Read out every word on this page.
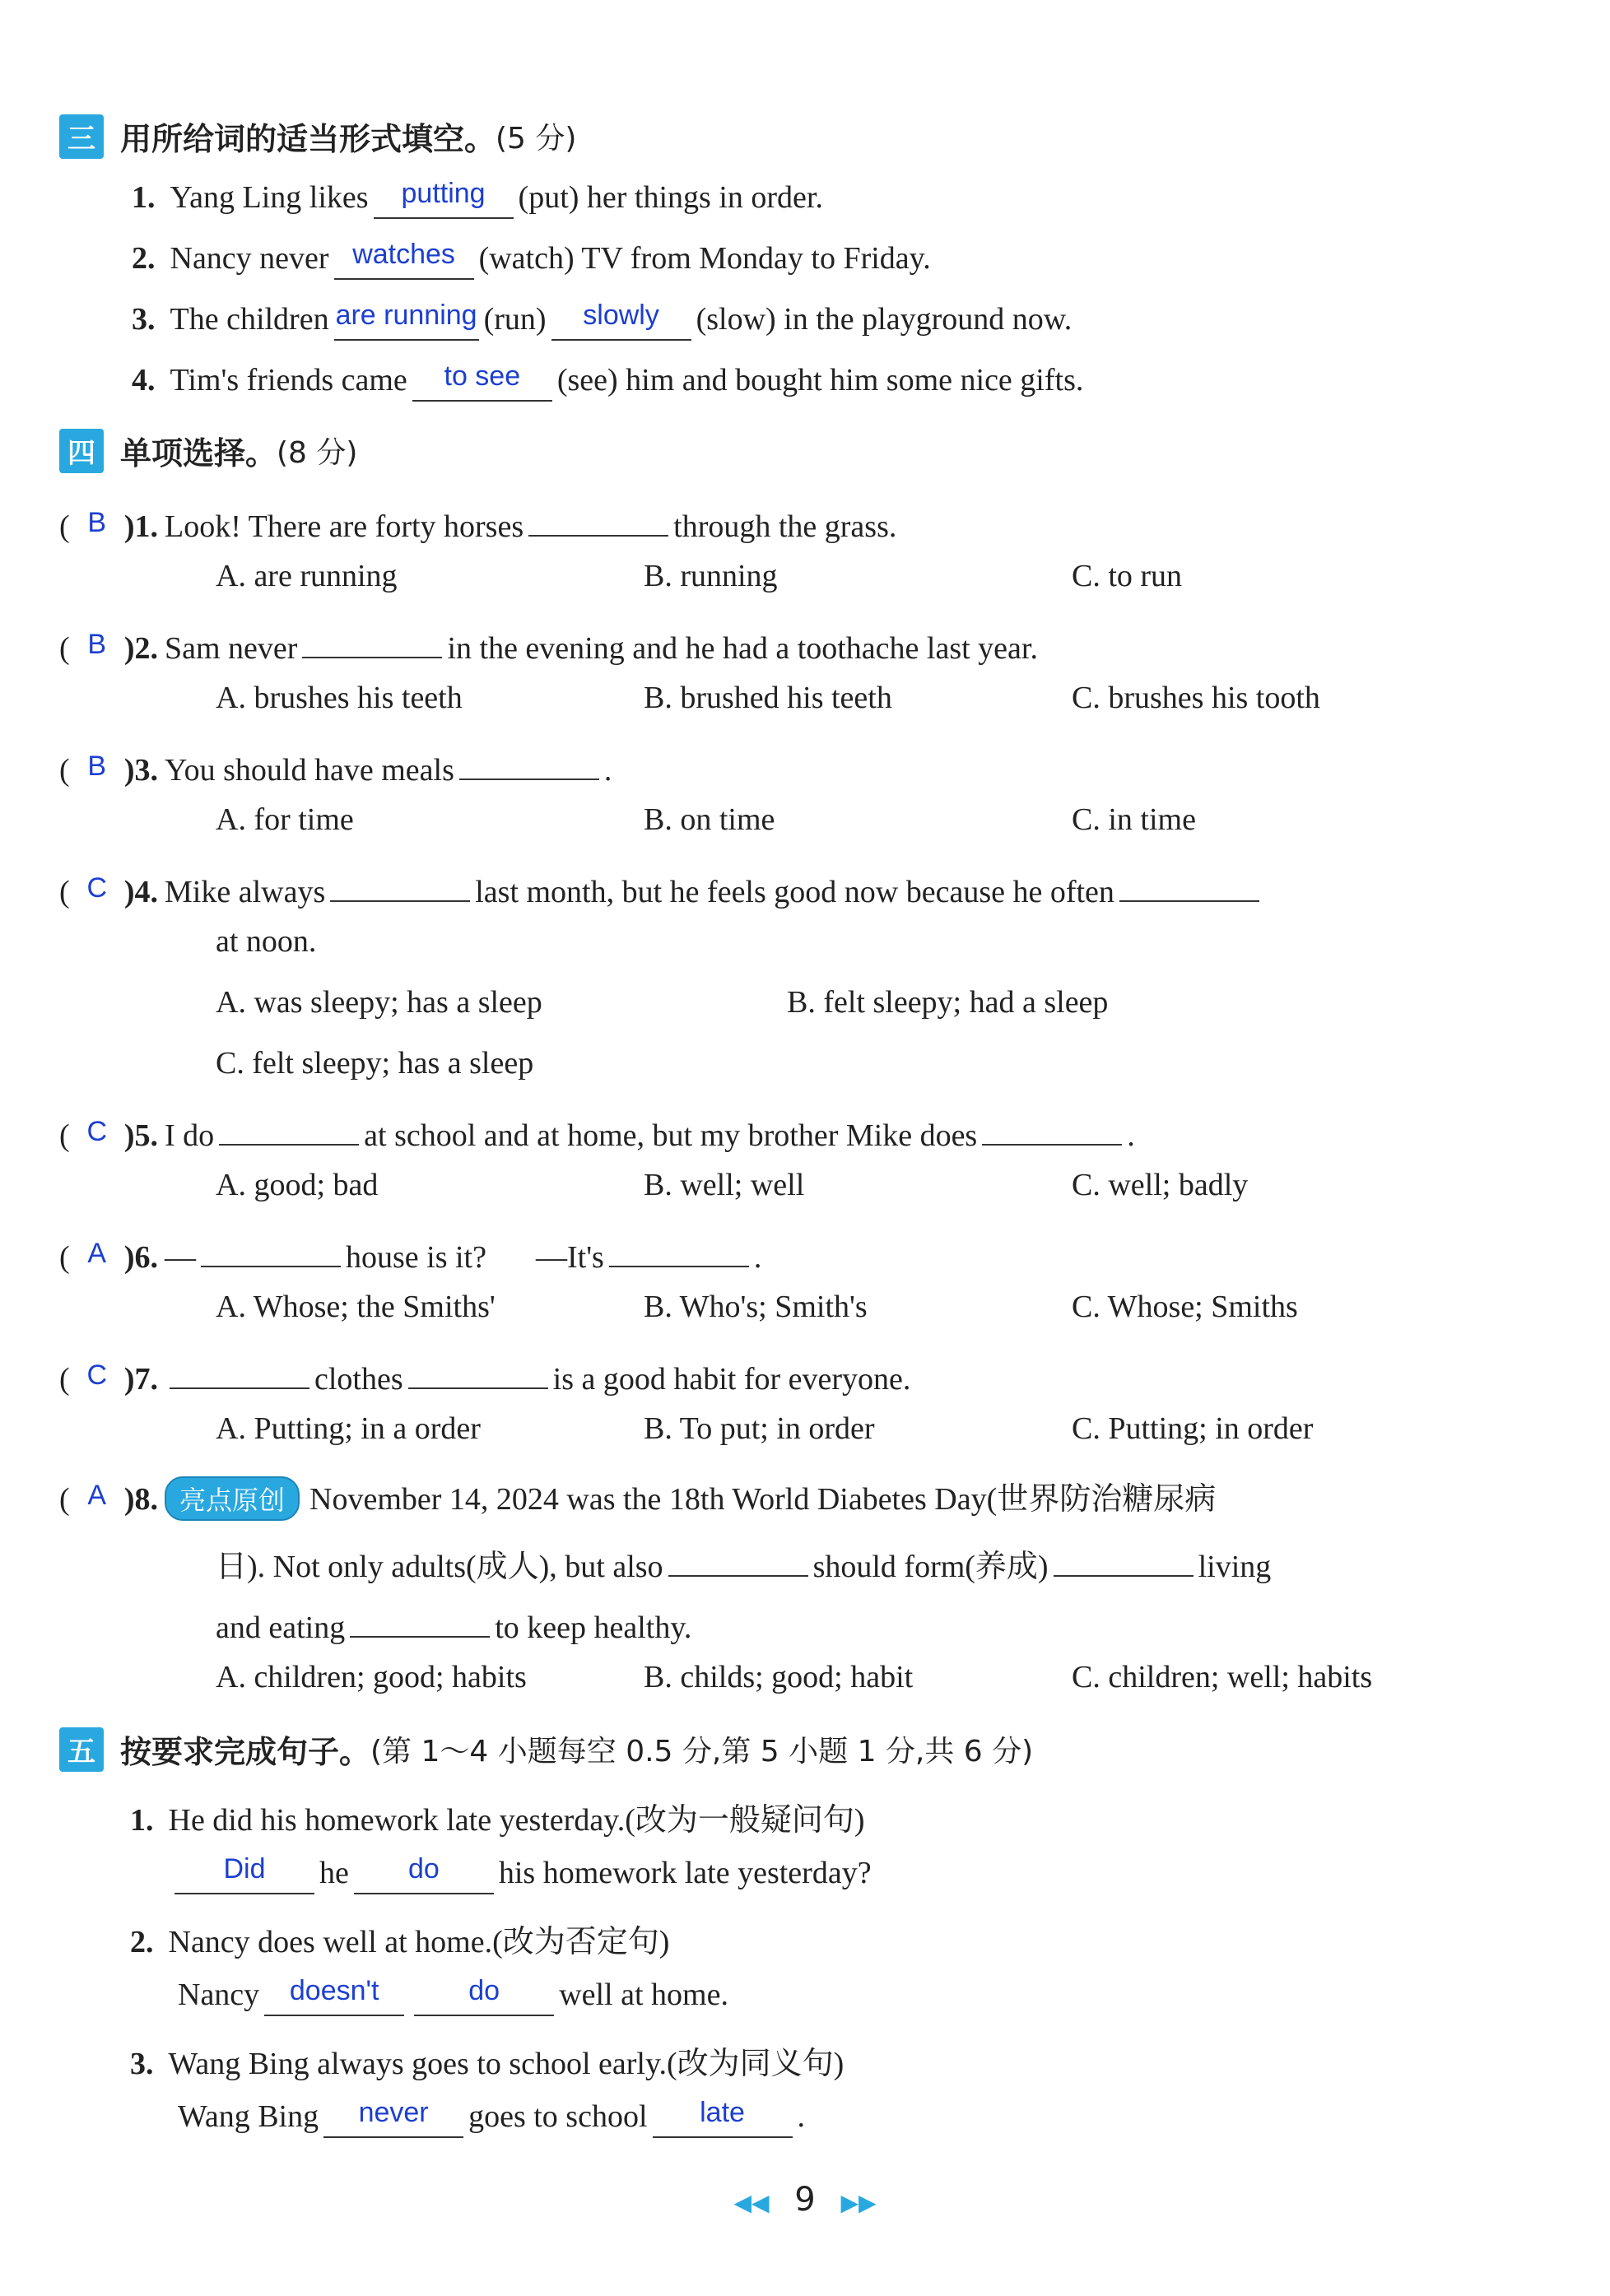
三 用所给词的适当形式填空。 (5 分)
1. Yang Ling likes	putting	(put) her things in order.
2. Nancy never watches (watch) TV from Monday to Friday.
3. The children are running (run)	slowly	(slow) in the playground now.
4. Tim's friends came	to see	(see) him and bought him some nice gifts.
四 单项选择。 (8 分)
( B )1. Look! There are forty horses	through the grass.
A. are running	B. running	C. to run
( B )2. Sam never	in the evening and he had a toothache last year.
A. brushes his teeth	B. brushed his teeth	C. brushes his tooth
( B )3. You should have meals	.
A. for time	B. on time	C. in time
( C )4. Mike always	last month, but he feels good now because he often
at noon.
A. was sleepy; has a sleep	B. felt sleepy; had a sleep
C. felt sleepy; has a sleep
( C )5. I do	at school and at home, but my brother Mike does	.
A. good; bad	B. well; well	C. well; badly
( A )6. —	house is it? —It's	.
A. Whose; the Smiths'	B. Who's; Smith's	C. Whose; Smiths
( C )7.	clothes	is a good habit for everyone.
A. Putting; in a order	B. To put; in order	C. Putting; in order
( A )8. 亮点原创 November 14, 2024 was the 18th World Diabetes Day(世界防治糖尿病
日). Not only adults(成人), but also	should form(养成)	living
and eating	to keep healthy.
A. children; good; habits	B. childs; good; habit	C. children; well; habits
五 按要求完成句子。 (第 1～4 小题每空 0.5 分,第 5 小题 1 分,共 6 分)
1. He did his homework late yesterday.(改为一般疑问句)
Did	he	do	his homework late yesterday?
2. Nancy does well at home.(改为否定句)
Nancy	doesn't	do	well at home.
3. Wang Bing always goes to school early.(改为同义句)
Wang Bing	never	goes to school	late	.
◀◀ 9 ▶▶
